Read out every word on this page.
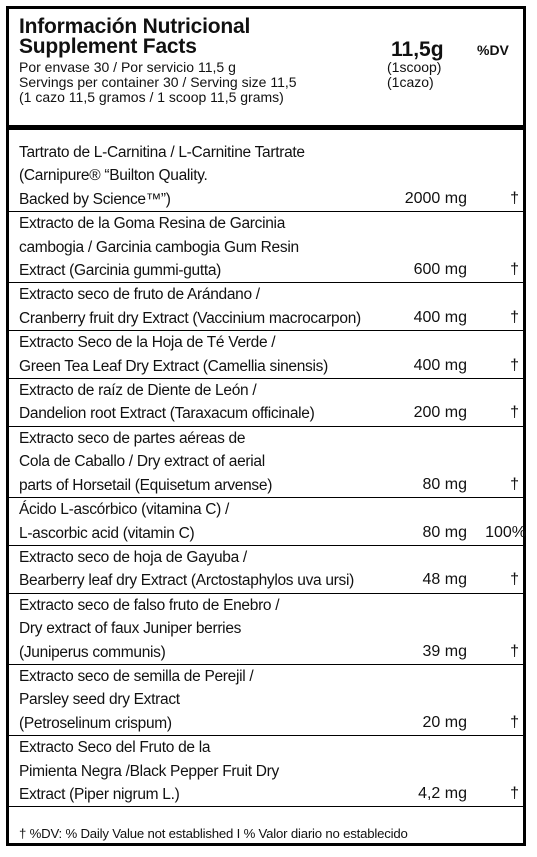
Información Nutricional
Supplement Facts	11,5g %DV
Por envase 30 / Por servicio 11,5 g
Servings per container 30 / Serving size 11,5
(1 cazo 11,5 gramos / 1 scoop 11,5 grams)
(1scoop)
(1cazo)
Tartrato de L-Carnitina / L-Carnitine Tartrate
(Carnipure® “Builton Quality.
Backed by Science™”)	2000 mg	†
Extracto de la Goma Resina de Garcinia
cambogia / Garcinia cambogia Gum Resin
Extract (Garcinia gummi-gutta)	600 mg	†
Extracto seco de fruto de Arándano /
Cranberry fruit dry Extract (Vaccinium macrocarpon)	400 mg	†
Extracto Seco de la Hoja de Té Verde /
Green Tea Leaf Dry Extract (Camellia sinensis)	400 mg	†
Extracto de raíz de Diente de León /
Dandelion root Extract (Taraxacum officinale)	200 mg	†
Extracto seco de partes aéreas de
Cola de Caballo / Dry extract of aerial
parts of Horsetail (Equisetum arvense)	80 mg	†
Ácido L-ascórbico (vitamina C) /
L-ascorbic acid (vitamin C)	80 mg 100%
Extracto seco de hoja de Gayuba /
Bearberry leaf dry Extract (Arctostaphylos uva ursi)	48 mg	†
Extracto seco de falso fruto de Enebro /
Dry extract of faux Juniper berries
(Juniperus communis)	39 mg	†
Extracto seco de semilla de Perejil /
Parsley seed dry Extract
(Petroselinum crispum)	20 mg	†
Extracto Seco del Fruto de la
Pimienta Negra /Black Pepper Fruit Dry
Extract (Piper nigrum L.)	4,2 mg	†
† %DV: % Daily Value not established I % Valor diario no establecido
